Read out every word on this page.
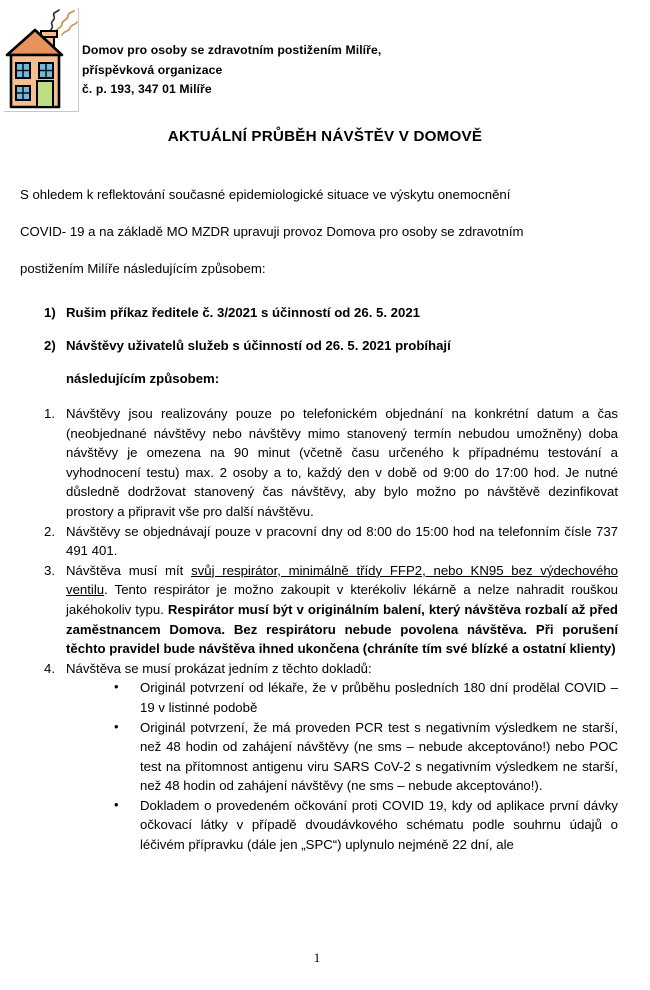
Domov pro osoby se zdravotním postižením Milíře,
příspěvková organizace
č. p. 193, 347 01 Milíře
AKTUÁLNÍ PRŮBĚH NÁVŠTĚV V DOMOVĚ

S ohledem k reflektování současné epidemiologické situace ve výskytu onemocnění

COVID- 19 a na základě MO MZDR upravuji provoz Domova pro osoby se zdravotním

postižením Milíře následujícím způsobem:

1) Rušim příkaz ředitele č. 3/2021 s účinností od 26. 5. 2021
2) Návštěvy uživatelů služeb s účinností od 26. 5. 2021 probíhají
následujícím způsobem:
1. Návštěvy jsou realizovány pouze po telefonickém objednání na konkrétní datum a čas (neobjednané návštěvy nebo návštěvy mimo stanovený termín nebudou umožněny) doba návštěvy je omezena na 90 minut (včetně času určeného k případnému testování a vyhodnocení testu) max. 2 osoby a to, každý den v době od 9:00 do 17:00 hod. Je nutné důsledně dodržovat stanovený čas návštěvy, aby bylo možno po návštěvě dezinfikovat prostory a připravit vše pro další návštěvu.
2. Návštěvy se objednávají pouze v pracovní dny od 8:00 do 15:00 hod na telefonním čísle 737 491 401.
3. Návštěva musí mít svůj respirátor, minimálně třídy FFP2, nebo KN95 bez výdechového ventilu. Tento respirátor je možno zakoupit v kterékoliv lékárně a nelze nahradit rouškou jakéhokoliv typu. Respirátor musí být v originálním balení, který návštěva rozbalí až před zaměstnancem Domova. Bez respirátoru nebude povolena návštěva. Při porušení těchto pravidel bude návštěva ihned ukončena (chráníte tím své blízké a ostatní klienty)
4. Návštěva se musí prokázat jedním z těchto dokladů:
• Originál potvrzení od lékaře, že v průběhu posledních 180 dní prodělal COVID – 19 v listinné podobě
• Originál potvrzení, že má proveden PCR test s negativním výsledkem ne starší, než 48 hodin od zahájení návštěvy (ne sms – nebude akceptováno!) nebo POC test na přítomnost antigenu viru SARS CoV-2 s negativním výsledkem ne starší, než 48 hodin od zahájení návštěvy (ne sms – nebude akceptováno!).
• Dokladem o provedeném očkování proti COVID 19, kdy od aplikace první dávky očkovací látky v případě dvoudávkového schématu podle souhrnu údajů o léčivém přípravku (dále jen „SPC“) uplynulo nejméně 22 dní, ale
1
